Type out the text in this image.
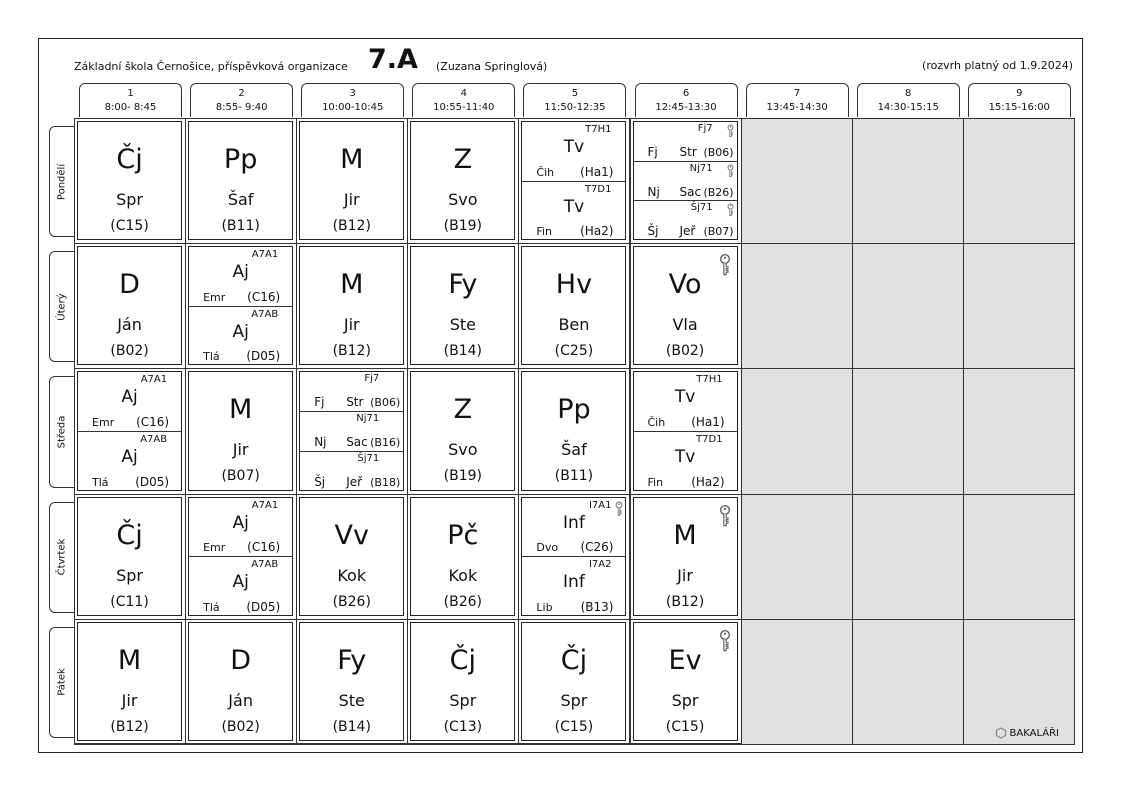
Základní škola Černošice, příspěvková organizace 7.A (Zuzana Springlová)	(rozvrh platný od 1.9.2024)
1
8:00- 8:45
2
8:55- 9:40
3
10:00-10:45
4
10:55-11:40
5
11:50-12:35
6
12:45-13:30
7
13:45-14:30
8
14:30-15:15
9
15:15-16:00
Pondělí
Úterý
Středa
Čtvrtek
Pátek
BAKALÁŘI
Čj
Spr
(C15)
Pp
Šaf
(B11)
M
Jir
(B12)
Z
Svo
(B19)
T7H1
Tv
Čih (Ha1)
T7D1
Tv
Fin (Ha2)
Fj7
Fj Str (B06)
Nj71
Nj Sac (B26)
Šj71
Šj Jeř (B07)
D
Ján
(B02)
A7A1
Aj
Emr (C16)
A7AB
Aj
Tlá (D05)
M
Jir
(B12)
Fy
Ste
(B14)
Hv
Ben
(C25)
Vo
Vla
(B02)
A7A1
Aj
Emr (C16)
A7AB
Aj
Tlá (D05)
M
Jir
(B07)
Fj7
Fj Str (B06)
Nj71
Nj Sac (B16)
Šj71
Šj Jeř (B18)
Z
Svo
(B19)
Pp
Šaf
(B11)
T7H1
Tv
Čih (Ha1)
T7D1
Tv
Fin (Ha2)
Čj
Spr
(C11)
A7A1
Aj
Emr (C16)
A7AB
Aj
Tlá (D05)
Vv
Kok
(B26)
Pč
Kok
(B26)
I7A1
Inf
Dvo (C26)
I7A2
Inf
Lib (B13)
M
Jir
(B12)
M
Jir
(B12)
D
Ján
(B02)
Fy
Ste
(B14)
Čj
Spr
(C13)
Čj
Spr
(C15)
Ev
Spr
(C15)
